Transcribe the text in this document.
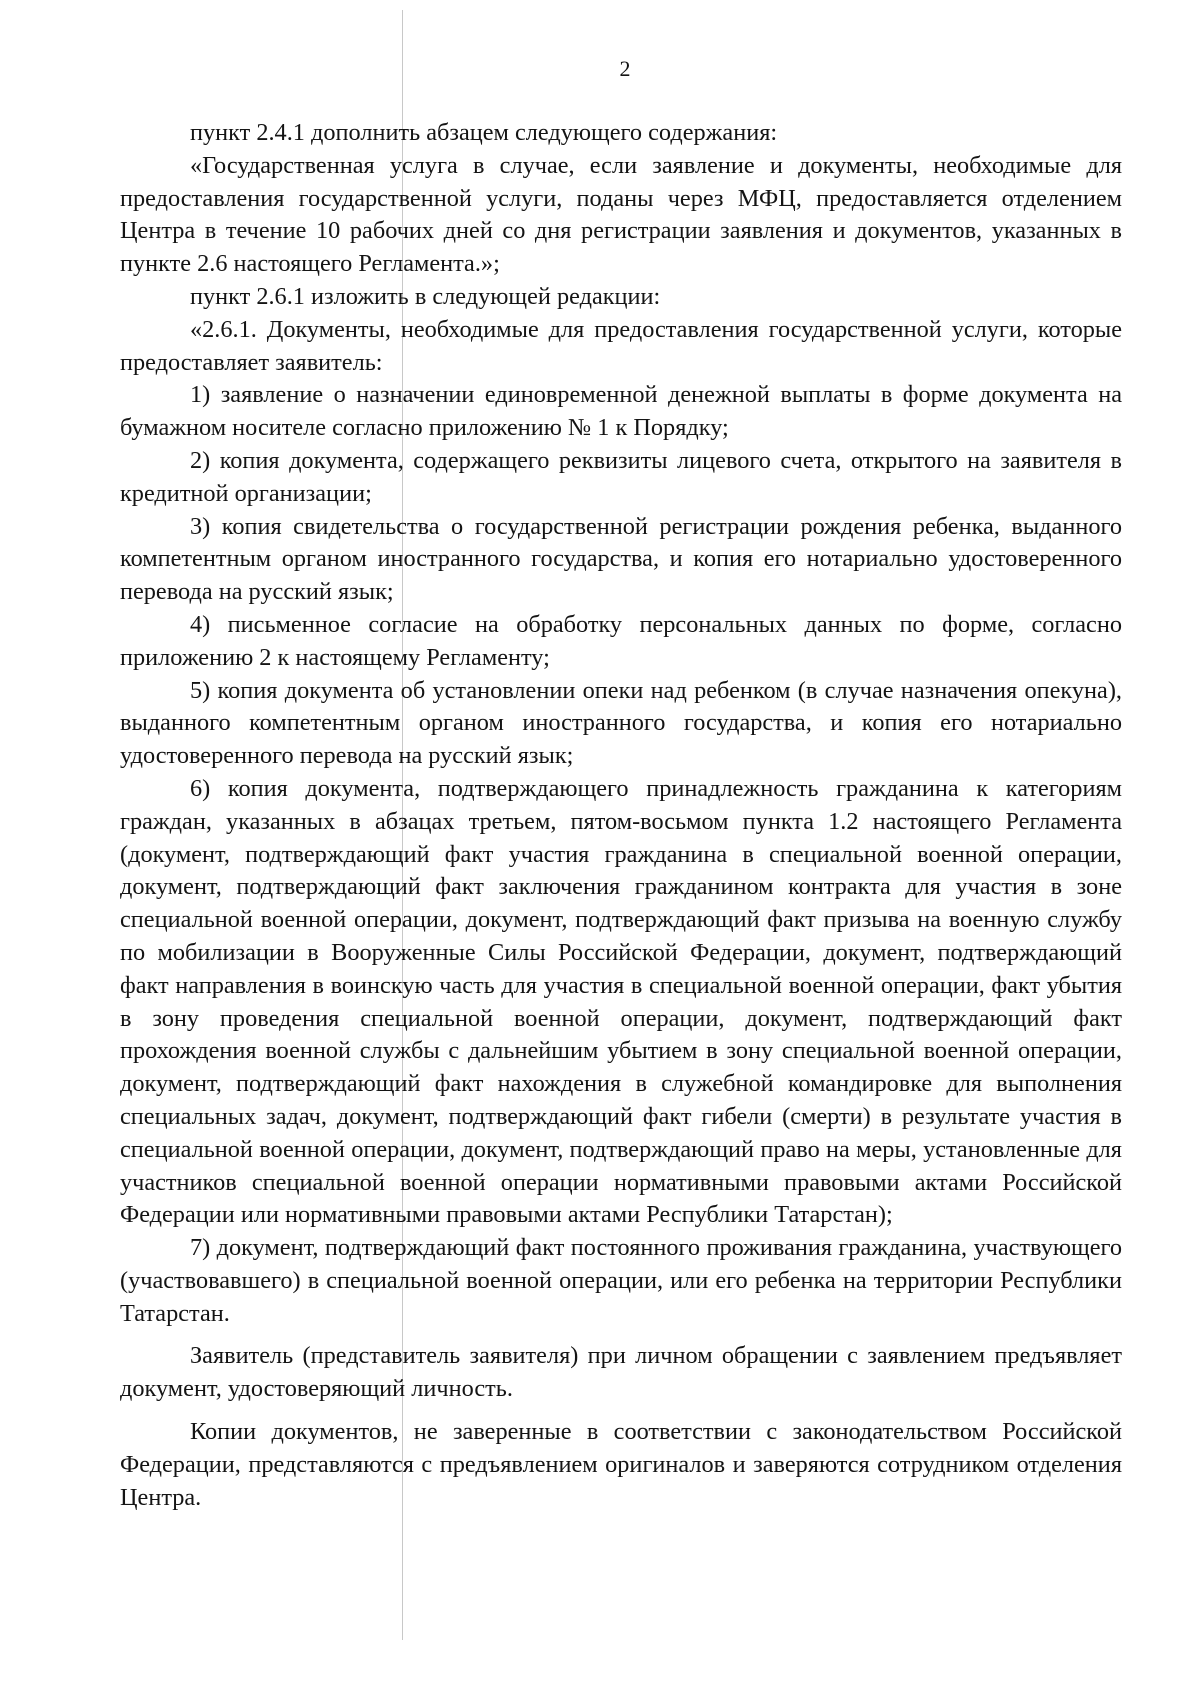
2

пункт 2.4.1 дополнить абзацем следующего содержания:

«Государственная услуга в случае, если заявление и документы, необходимые для предоставления государственной услуги, поданы через МФЦ, предоставляется отделением Центра в течение 10 рабочих дней со дня регистрации заявления и документов, указанных в пункте 2.6 настоящего Регламента.»;

пункт 2.6.1 изложить в следующей редакции:

«2.6.1. Документы, необходимые для предоставления государственной услуги, которые предоставляет заявитель:

1) заявление о назначении единовременной денежной выплаты в форме документа на бумажном носителе согласно приложению № 1 к Порядку;

2) копия документа, содержащего реквизиты лицевого счета, открытого на заявителя в кредитной организации;

3) копия свидетельства о государственной регистрации рождения ребенка, выданного компетентным органом иностранного государства, и копия его нотариально удостоверенного перевода на русский язык;

4) письменное согласие на обработку персональных данных по форме, согласно приложению 2 к настоящему Регламенту;

5) копия документа об установлении опеки над ребенком (в случае назначения опекуна), выданного компетентным органом иностранного государства, и копия его нотариально удостоверенного перевода на русский язык;

6) копия документа, подтверждающего принадлежность гражданина к категориям граждан, указанных в абзацах третьем, пятом-восьмом пункта 1.2 настоящего Регламента (документ, подтверждающий факт участия гражданина в специальной военной операции, документ, подтверждающий факт заключения гражданином контракта для участия в зоне специальной военной операции, документ, подтверждающий факт призыва на военную службу по мобилизации в Вооруженные Силы Российской Федерации, документ, подтверждающий факт направления в воинскую часть для участия в специальной военной операции, факт убытия в зону проведения специальной военной операции, документ, подтверждающий факт прохождения военной службы с дальнейшим убытием в зону специальной военной операции, документ, подтверждающий факт нахождения в служебной командировке для выполнения специальных задач, документ, подтверждающий факт гибели (смерти) в результате участия в специальной военной операции, документ, подтверждающий право на меры, установленные для участников специальной военной операции нормативными правовыми актами Российской Федерации или нормативными правовыми актами Республики Татарстан);

7) документ, подтверждающий факт постоянного проживания гражданина, участвующего (участвовавшего) в специальной военной операции, или его ребенка на территории Республики Татарстан.

Заявитель (представитель заявителя) при личном обращении с заявлением предъявляет документ, удостоверяющий личность.

Копии документов, не заверенные в соответствии с законодательством Российской Федерации, представляются с предъявлением оригиналов и заверяются сотрудником отделения Центра.
